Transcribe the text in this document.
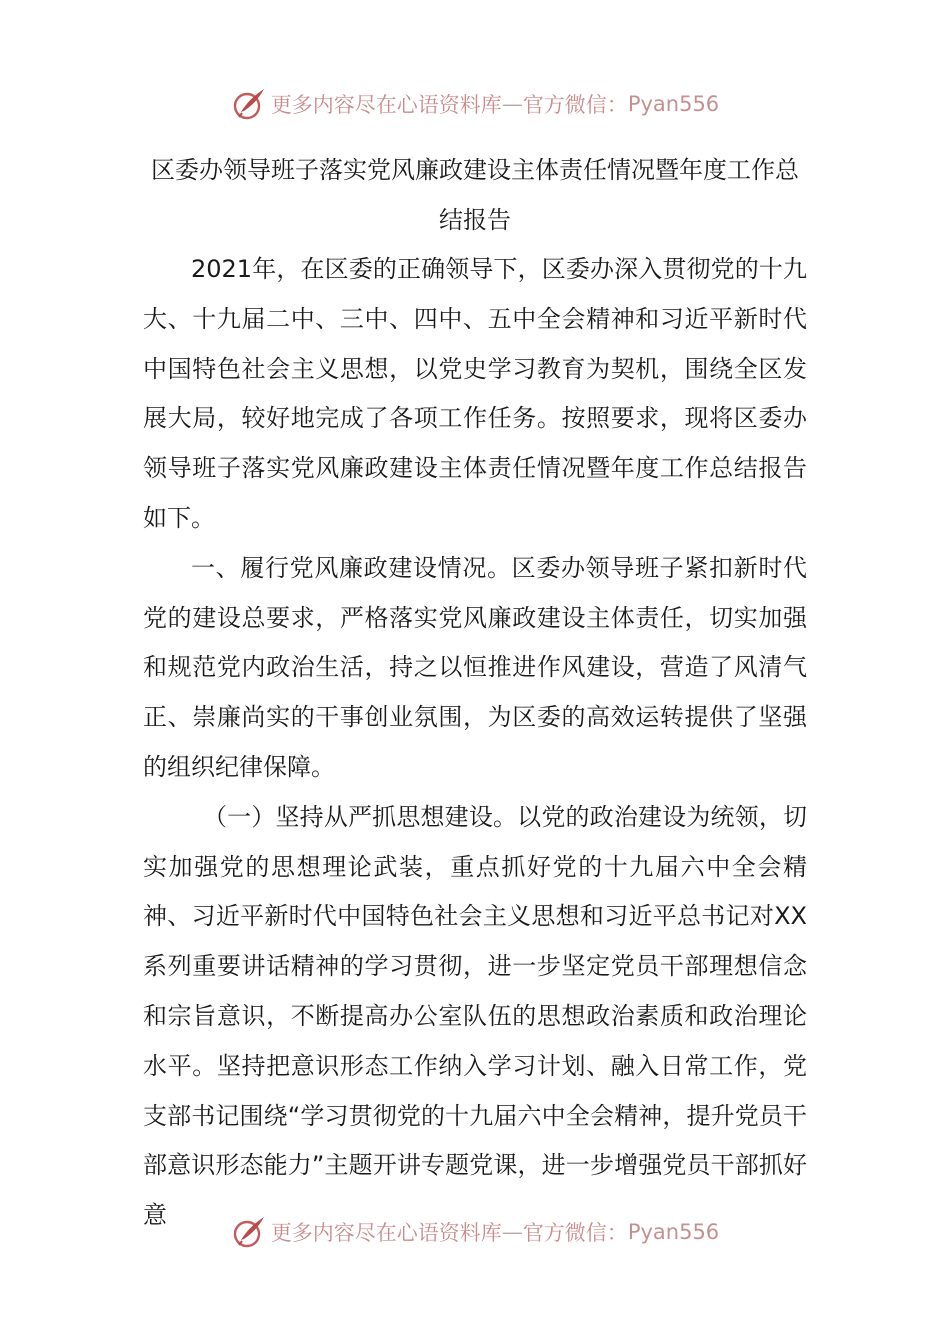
更多内容尽在心语资料库 — 官方微信： Pyan556
区委办领导班子落实党风廉政建设主体责任情况暨年度工作总结报告

2021年，在区委的正确领导下，区委办深入贯彻党的十九大、十九届二中、三中、四中、五中全会精神和习近平新时代中国特色社会主义思想，以党史学习教育为契机，围绕全区发展大局，较好地完成了各项工作任务。按照要求，现将区委办领导班子落实党风廉政建设主体责任情况暨年度工作总结报告如下。

一、履行党风廉政建设情况。区委办领导班子紧扣新时代党的建设总要求，严格落实党风廉政建设主体责任，切实加强和规范党内政治生活，持之以恒推进作风建设，营造了风清气正、崇廉尚实的干事创业氛围，为区委的高效运转提供了坚强的组织纪律保障。

（一）坚持从严抓思想建设。以党的政治建设为统领，切实加强党的思想理论武装，重点抓好党的十九届六中全会精神、习近平新时代中国特色社会主义思想和习近平总书记对XX系列重要讲话精神的学习贯彻，进一步坚定党员干部理想信念和宗旨意识，不断提高办公室队伍的思想政治素质和政治理论水平。坚持把意识形态工作纳入学习计划、融入日常工作，党支部书记围绕“学习贯彻党的十九届六中全会精神，提升党员干部意识形态能力”主题开讲专题党课，进一步增强党员干部抓好意

更多内容尽在心语资料库 — 官方微信： Pyan556
